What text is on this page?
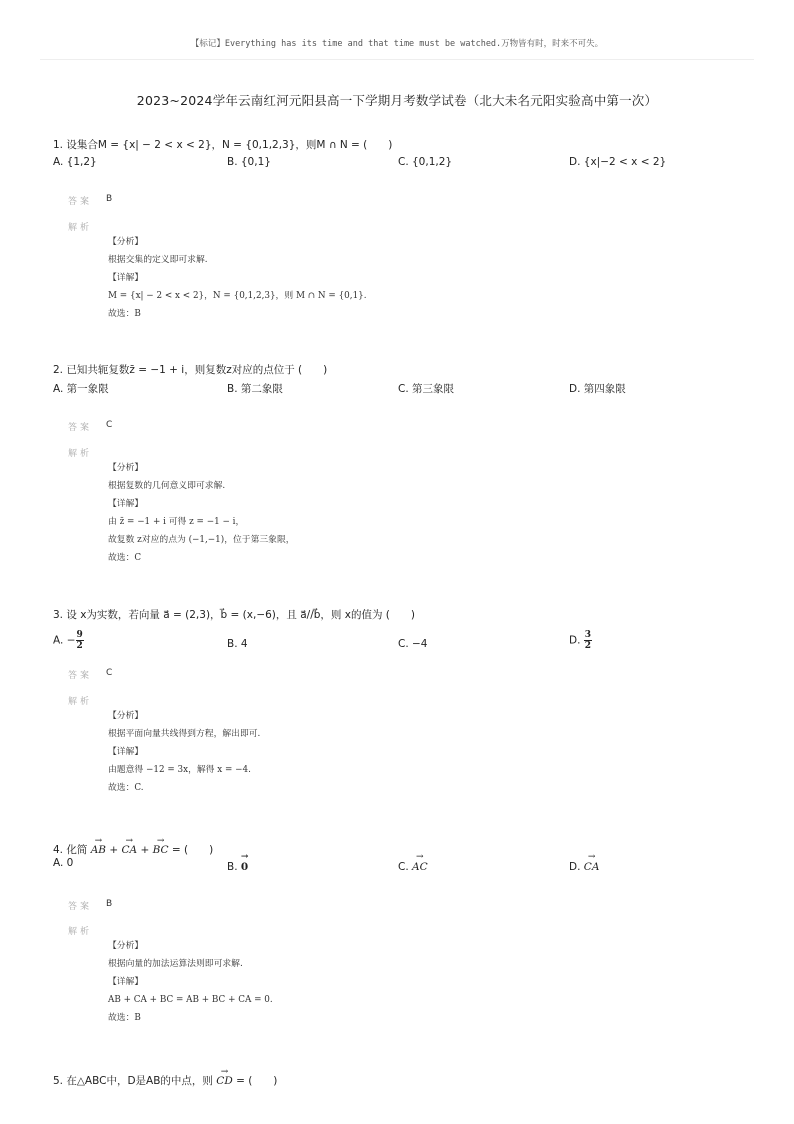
【标记】Everything has its time and that time must be watched.万物皆有时，时来不可失。
2023~2024学年云南红河元阳县高一下学期月考数学试卷（北大未名元阳实验高中第一次）
1. 设集合M = {x| − 2 < x < 2}，N = {0,1,2,3}，则M ∩ N = (　　)
A. {1,2}	B. {0,1}	C. {0,1,2}	D. {x|−2 < x < 2}
答案 B
解析
【分析】
根据交集的定义即可求解.
【详解】
M = {x| − 2 < x < 2}，N = {0,1,2,3}，则 M ∩ N = {0,1}.
故选：B
2. 已知共轭复数z̄ = −1 + i，则复数z对应的点位于 (　　)
A. 第一象限	B. 第二象限	C. 第三象限	D. 第四象限
答案 C
解析
【分析】
根据复数的几何意义即可求解.
【详解】
由 z̄ = −1 + i 可得 z = −1 − i，
故复数 z对应的点为 (−1,−1)，位于第三象限，
故选：C
3. 设 x为实数，若向量 a⃗ = (2,3)，b⃗ = (x,−6)，且 a⃗//b⃗，则 x的值为 (　　)
A. − $\frac{9}{2}$	B. 4	C. −4	D. $\frac{3}{2}$
答案 C
解析
【分析】
根据平面向量共线得到方程，解出即可.
【详解】
由题意得 −12 = 3x，解得 x = −4.
故选：C.
4. 化简 → AB + → CA + → BC = (　　)
A. 0	B. → 0	C. → AC	D. → CA
答案 B
解析
【分析】
根据向量的加法运算法则即可求解.
【详解】
AB + CA + BC = AB + BC + CA = 0.
故选：B
5. 在△ABC中，D是AB的中点，则 → CD = (　　)
